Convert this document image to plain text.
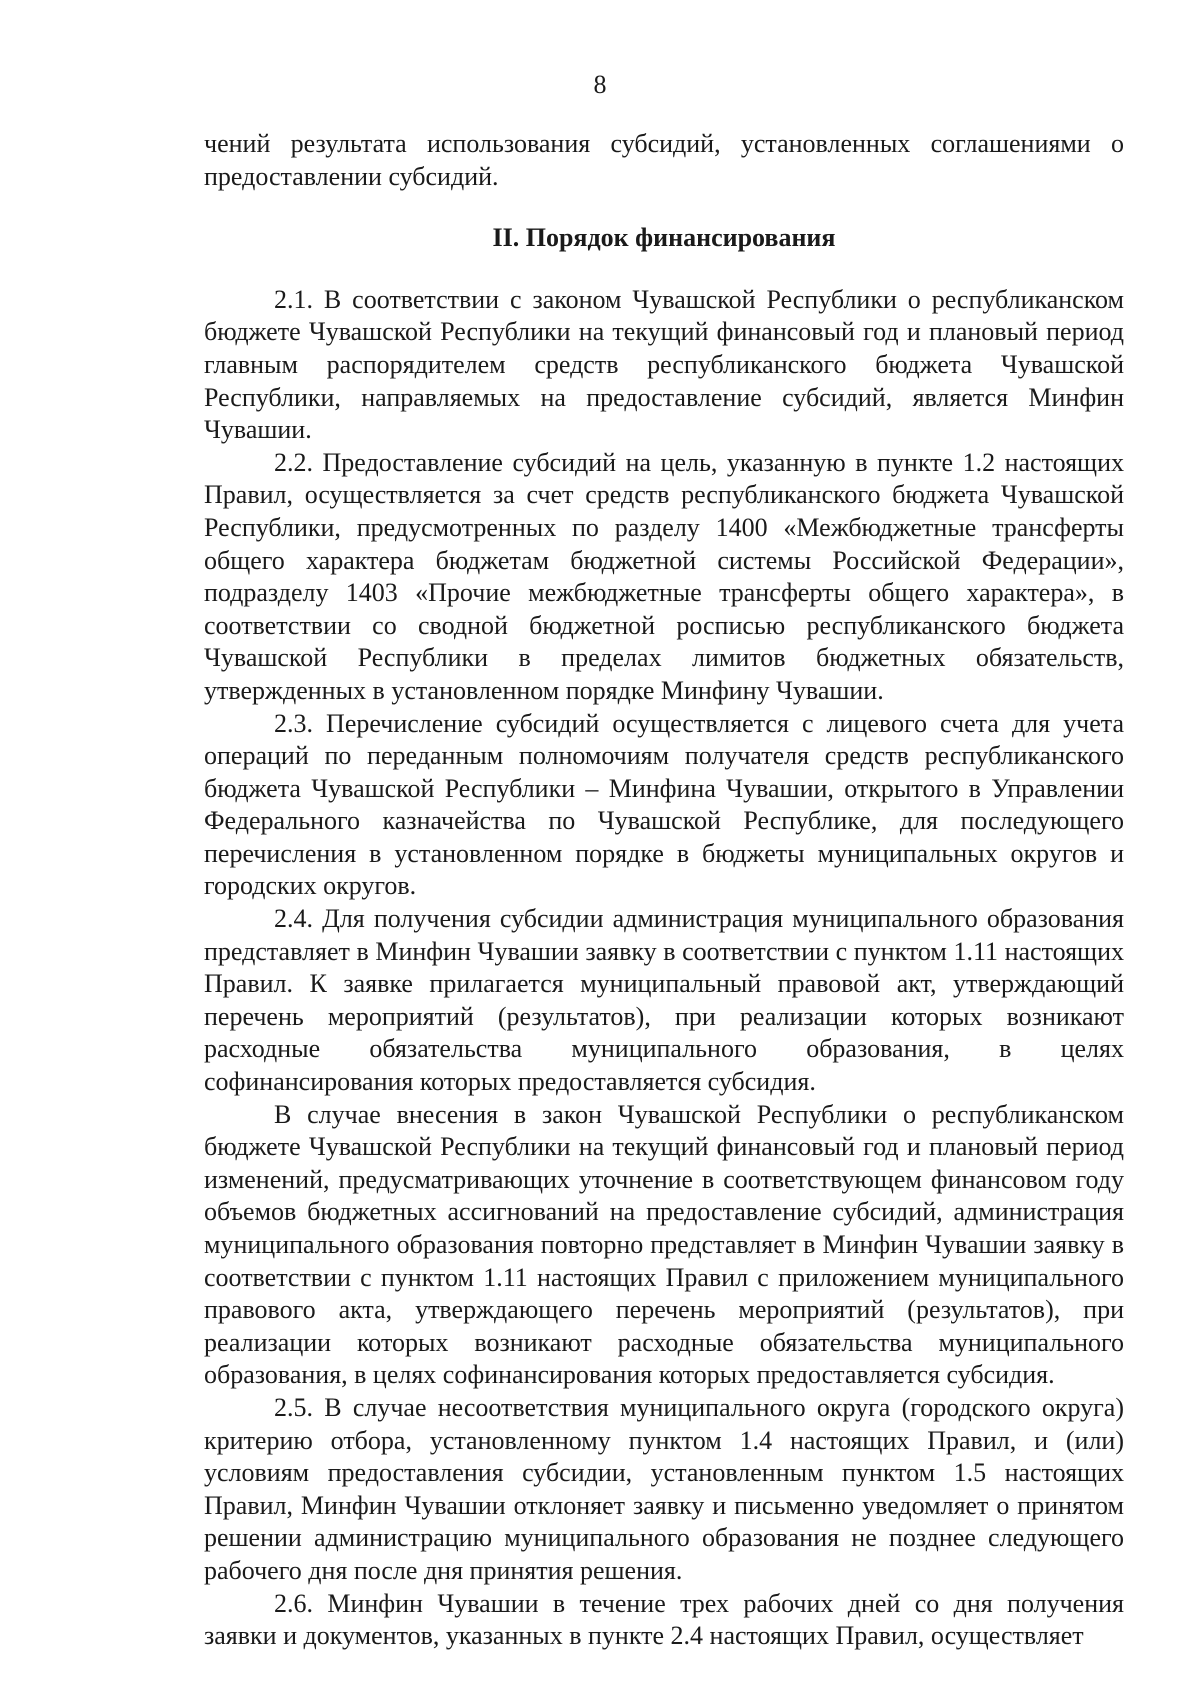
8

чений результата использования субсидий, установленных соглашениями о предоставлении субсидий.

II. Порядок финансирования

2.1. В соответствии с законом Чувашской Республики о республиканском бюджете Чувашской Республики на текущий финансовый год и плановый период главным распорядителем средств республиканского бюджета Чувашской Республики, направляемых на предоставление субсидий, является Минфин Чувашии.

2.2. Предоставление субсидий на цель, указанную в пункте 1.2 настоящих Правил, осуществляется за счет средств республиканского бюджета Чувашской Республики, предусмотренных по разделу 1400 «Межбюджетные трансферты общего характера бюджетам бюджетной системы Российской Федерации», подразделу 1403 «Прочие межбюджетные трансферты общего характера», в соответствии со сводной бюджетной росписью республиканского бюджета Чувашской Республики в пределах лимитов бюджетных обязательств, утвержденных в установленном порядке Минфину Чувашии.

2.3. Перечисление субсидий осуществляется с лицевого счета для учета операций по переданным полномочиям получателя средств республиканского бюджета Чувашской Республики – Минфина Чувашии, открытого в Управлении Федерального казначейства по Чувашской Республике, для последующего перечисления в установленном порядке в бюджеты муниципальных округов и городских округов.

2.4. Для получения субсидии администрация муниципального образования представляет в Минфин Чувашии заявку в соответствии с пунктом 1.11 настоящих Правил. К заявке прилагается муниципальный правовой акт, утверждающий перечень мероприятий (результатов), при реализации которых возникают расходные обязательства муниципального образования, в целях софинансирования которых предоставляется субсидия.

В случае внесения в закон Чувашской Республики о республиканском бюджете Чувашской Республики на текущий финансовый год и плановый период изменений, предусматривающих уточнение в соответствующем финансовом году объемов бюджетных ассигнований на предоставление субсидий, администрация муниципального образования повторно представляет в Минфин Чувашии заявку в соответствии с пунктом 1.11 настоящих Правил с приложением муниципального правового акта, утверждающего перечень мероприятий (результатов), при реализации которых возникают расходные обязательства муниципального образования, в целях софинансирования которых предоставляется субсидия.

2.5. В случае несоответствия муниципального округа (городского округа) критерию отбора, установленному пунктом 1.4 настоящих Правил, и (или) условиям предоставления субсидии, установленным пунктом 1.5 настоящих Правил, Минфин Чувашии отклоняет заявку и письменно уведомляет о принятом решении администрацию муниципального образования не позднее следующего рабочего дня после дня принятия решения.

2.6. Минфин Чувашии в течение трех рабочих дней со дня получения заявки и документов, указанных в пункте 2.4 настоящих Правил, осуществляет
